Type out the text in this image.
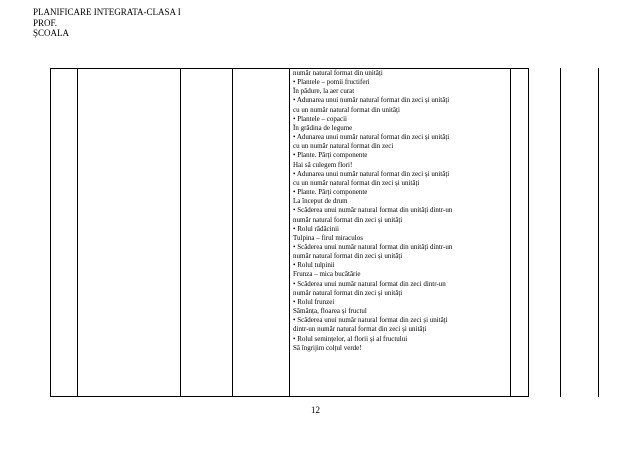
PLANIFICARE INTEGRATA-CLASA I
PROF.
ȘCOALA
număr natural format din unități
• Plantele – pomii fructiferi
În pădure, la aer curat
• Adunarea unui număr natural format din zeci și unități
cu un număr natural format din unități
• Plantele – copacii
În grădina de legume
• Adunarea unui număr natural format din zeci și unități
cu un număr natural format din zeci
• Plante. Părți componente
Hai să culegem flori!
• Adunarea unui număr natural format din zeci și unități
cu un număr natural format din zeci și unități
• Plante. Părți componente
La început de drum
• Scăderea unui număr natural format din unități dintr-un
număr natural format din zeci și unități
• Rolul rădăcinii
Tulpina – firul miraculos
• Scăderea unui număr natural format din unități dintr-un
număr natural format din zeci și unități
• Rolul tulpinii
Frunza – mica bucătărie
• Scăderea unui număr natural format din zeci dintr-un
număr natural format din zeci și unități
• Rolul frunzei
Sămânța, floarea și fructul
• Scăderea unui număr natural format din zeci și unități
dintr-un număr natural format din zeci și unități
• Rolul semințelor, al florii și al fructului
Să îngrijim colțul verde!
12
